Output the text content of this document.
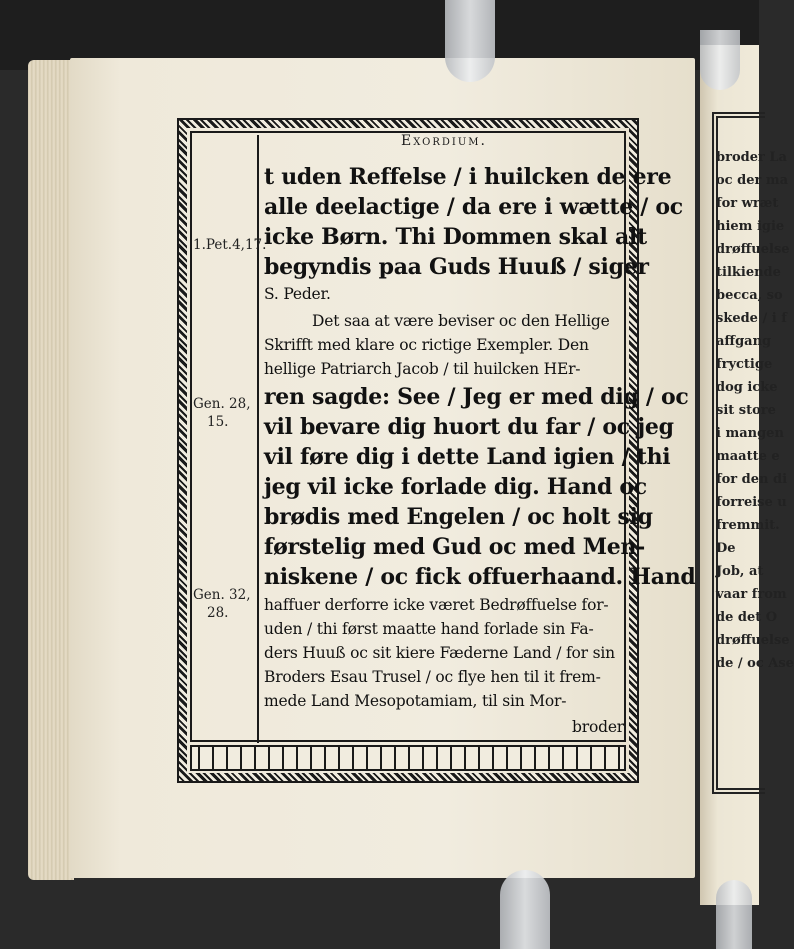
broder La
oc der ma
for wræt
hiem igie
drøffuelse
tilkiende
becca, so
skede / i f
affgang
fryctige
dog icke
sit store
i mangen
maatte e
for den di
forreise u
fremmit.
De
Job, at
vaar from
de det O
drøffuelse
de / oc Ase
Exordium.
1.Pet.4,17.
Gen. 28,
15.
Gen. 32,
28.
t uden Reffelse / i huilcken de ere
alle deelactige / da ere i wætte / oc
icke Børn. Thi Dommen skal alt
begyndis paa Guds Huuß / siger
S. Peder.
Det saa at være beviser oc den Hellige
Skrifft med klare oc rictige Exempler. Den
hellige Patriarch Jacob / til huilcken HEr-
ren sagde: See / Jeg er med dig / oc
vil bevare dig huort du far / oc jeg
vil føre dig i dette Land igien / thi
jeg vil icke forlade dig. Hand oc
brødis med Engelen / oc holt sig
førstelig med Gud oc med Men-
niskene / oc fick offuerhaand. Hand
haffuer derforre icke været Bedrøffuelse for-
uden / thi først maatte hand forlade sin Fa-
ders Huuß oc sit kiere Fæderne Land / for sin
Broders Esau Trusel / oc flye hen til it frem-
mede Land Mesopotamiam, til sin Mor-
broder
